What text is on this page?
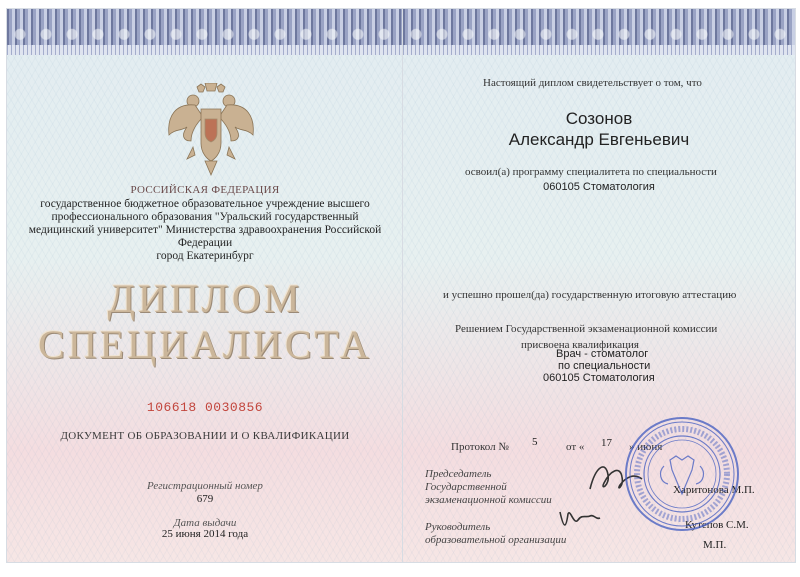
РОССИЙСКАЯ ФЕДЕРАЦИЯ
государственное бюджетное образовательное учреждение высшего
профессионального образования "Уральский государственный
медицинский университет" Министерства здравоохранения Российской
Федерации
город Екатеринбург
ДИПЛОМ
СПЕЦИАЛИСТА
106618 0030856
ДОКУМЕНТ ОБ ОБРАЗОВАНИИ И О КВАЛИФИКАЦИИ
Регистрационный номер
679
Дата выдачи
25 июня 2014 года
Настоящий диплом свидетельствует о том, что
Созонов
Александр Евгеньевич
освоил(а) программу специалитета по специальности
060105 Стоматология
и успешно прошел(да) государственную итоговую аттестацию
Решением Государственной экзаменационной комиссии
присвоена квалификация
Врач - стоматолог
по специальности
060105 Стоматология
Протокол № 5	от « 17 » июня
Председатель
Государственной
экзаменационной комиссии
Харитонова М.П.
Руководитель
образовательной организации
Кутепов С.М.
М.П.
